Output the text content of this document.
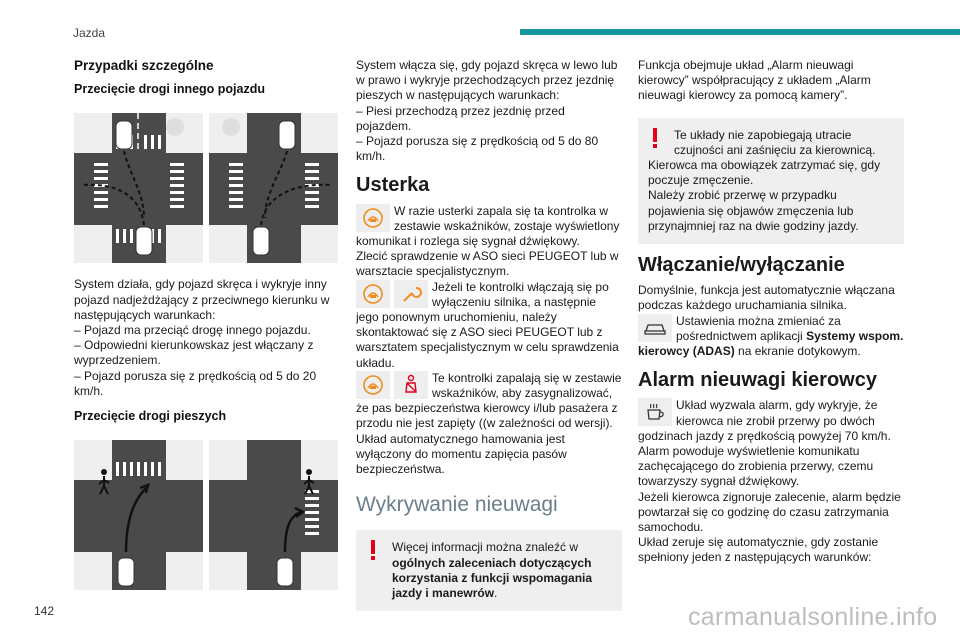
Jazda
Przypadki szczególne
Przecięcie drogi innego pojazdu

System działa, gdy pojazd skręca i wykryje inny pojazd nadjeżdżający z przeciwnego kierunku w następujących warunkach:

– Pojazd ma przeciąć drogę innego pojazdu.

– Odpowiedni kierunkowskaz jest włączany z wyprzedzeniem.

– Pojazd porusza się z prędkością od 5 do 20 km/h.

Przecięcie drogi pieszych

System włącza się, gdy pojazd skręca w lewo lub w prawo i wykryje przechodzących przez jezdnię pieszych w następujących warunkach:

– Piesi przechodzą przez jezdnię przed pojazdem.

– Pojazd porusza się z prędkością od 5 do 80 km/h.

Usterka
W razie usterki zapala się ta kontrolka w zestawie wskaźników, zostaje wyświetlony komunikat i rozlega się sygnał dźwiękowy.

Zlecić sprawdzenie w ASO sieci PEUGEOT lub w warsztacie specjalistycznym.

Jeżeli te kontrolki włączają się po wyłączeniu silnika, a następnie jego ponownym uruchomieniu, należy skontaktować się z ASO sieci PEUGEOT lub z warsztatem specjalistycznym w celu sprawdzenia układu.
Te kontrolki zapalają się w zestawie wskaźników, aby zasygnalizować, że pas bezpieczeństwa kierowcy i/lub pasażera z przodu nie jest zapięty ((w zależności od wersji). Układ automatycznego hamowania jest wyłączony do momentu zapięcia pasów bezpieczeństwa.
Wykrywanie nieuwagi

Więcej informacji można znaleźć w ogólnych zaleceniach dotyczących korzystania z funkcji wspomagania jazdy i manewrów.

Funkcja obejmuje układ „Alarm nieuwagi kierowcy” współpracujący z układem „Alarm nieuwagi kierowcy za pomocą kamery”.

Te układy nie zapobiegają utracie czujności ani zaśnięciu za kierownicą.

Kierowca ma obowiązek zatrzymać się, gdy poczuje zmęczenie.

Należy zrobić przerwę w przypadku pojawienia się objawów zmęczenia lub przynajmniej raz na dwie godziny jazdy.

Włączanie/wyłączanie

Domyślnie, funkcja jest automatycznie włączana podczas każdego uruchamiania silnika.

Ustawienia można zmieniać za pośrednictwem aplikacji Systemy wspom. kierowcy (ADAS) na ekranie dotykowym.
Alarm nieuwagi kierowcy
Układ wyzwala alarm, gdy wykryje, że kierowca nie zrobił przerwy po dwóch godzinach jazdy z prędkością powyżej 70 km/h.

Alarm powoduje wyświetlenie komunikatu zachęcającego do zrobienia przerwy, czemu towarzyszy sygnał dźwiękowy.

Jeżeli kierowca zignoruje zalecenie, alarm będzie powtarzał się co godzinę do czasu zatrzymania samochodu.

Układ zeruje się automatycznie, gdy zostanie spełniony jeden z następujących warunków:

142	carmanualsonline.info
